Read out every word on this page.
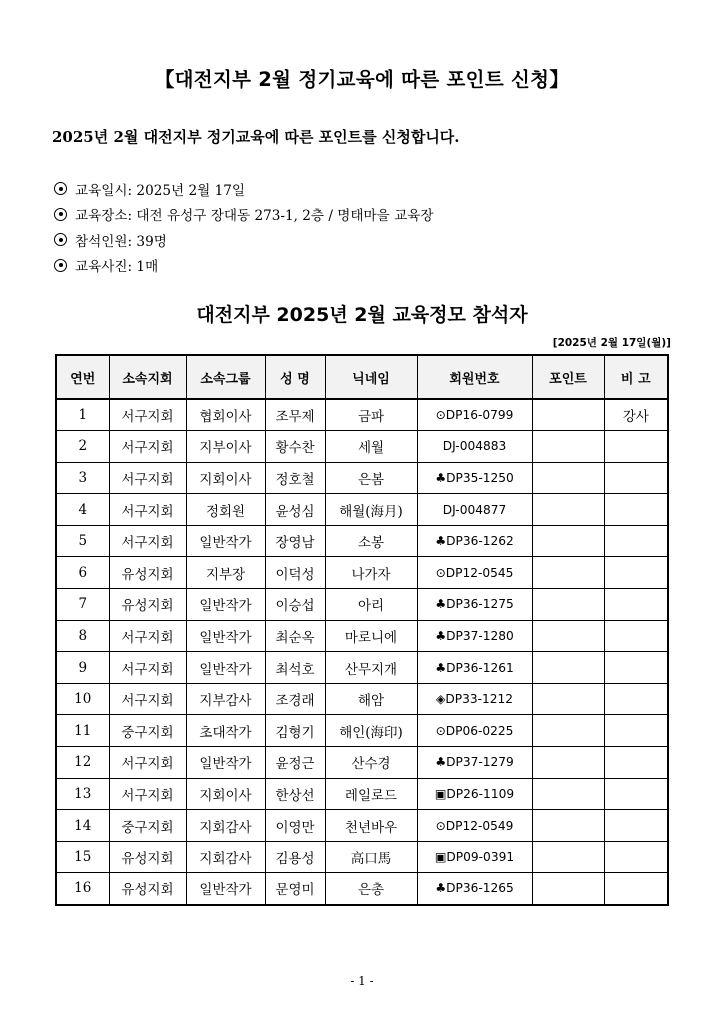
【대전지부 2월 정기교육에 따른 포인트 신청】
2025년 2월 대전지부 정기교육에 따른 포인트를 신청합니다.
교육일시: 2025년 2월 17일
교육장소: 대전 유성구 장대동 273-1, 2층 / 명태마을 교육장
참석인원: 39명
교육사진: 1매
대전지부 2025년 2월 교육정모 참석자
[2025년 2월 17일(월)]
연번	소속지회	소속그룹	성 명	닉네임	회원번호	포인트	비 고
1	서구지회	협회이사	조무제	금파	⊙DP16-0799		강사
2	서구지회	지부이사	황수찬	세월	DJ-004883		
3	서구지회	지회이사	정호철	은봄	♣DP35-1250		
4	서구지회	정회원	윤성심	해월(海月)	DJ-004877		
5	서구지회	일반작가	장영남	소봉	♣DP36-1262		
6	유성지회	지부장	이덕성	나가자	⊙DP12-0545		
7	유성지회	일반작가	이승섭	아리	♣DP36-1275		
8	서구지회	일반작가	최순옥	마로니에	♣DP37-1280		
9	서구지회	일반작가	최석호	산무지개	♣DP36-1261		
10	서구지회	지부감사	조경래	해암	◈DP33-1212		
11	중구지회	초대작가	김형기	해인(海印)	⊙DP06-0225		
12	서구지회	일반작가	윤정근	산수경	♣DP37-1279		
13	서구지회	지회이사	한상선	레일로드	▣DP26-1109		
14	중구지회	지회감사	이영만	천년바우	⊙DP12-0549		
15	유성지회	지회감사	김용성	高口馬	▣DP09-0391		
16	유성지회	일반작가	문영미	은총	♣DP36-1265		
- 1 -
